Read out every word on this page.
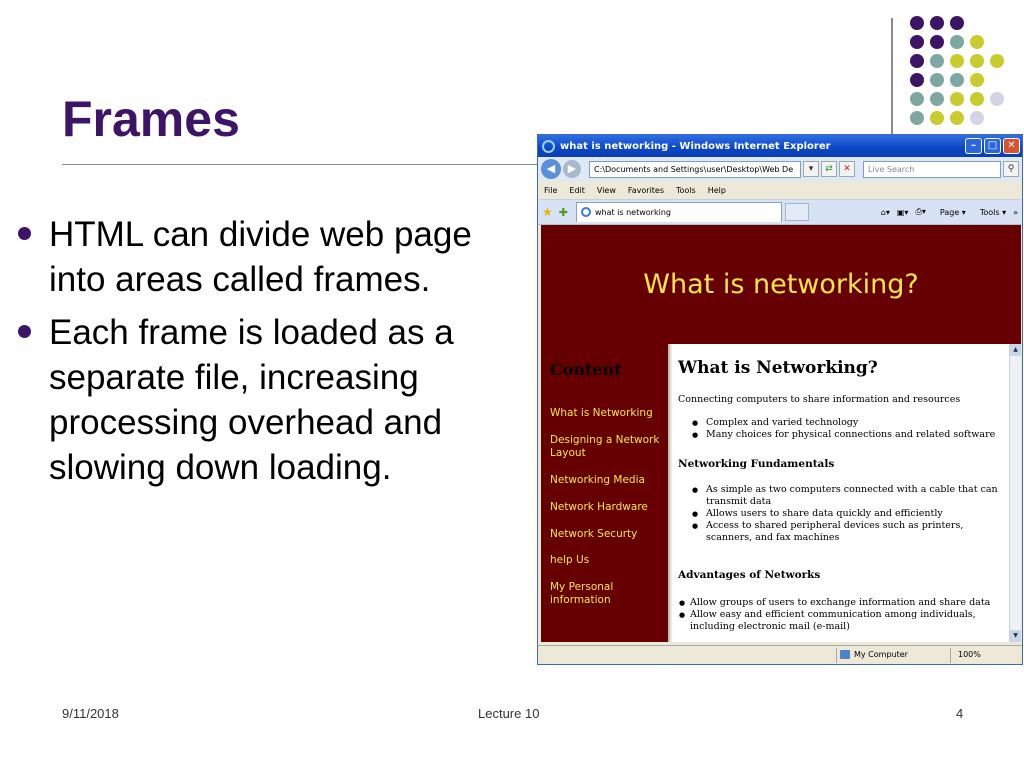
Frames
HTML can divide web page into areas called frames.
Each frame is loaded as a separate file, increasing processing overhead and slowing down loading.
9/11/2018	Lecture 10	4
what is networking - Windows Internet Explorer	–	□	✕
◀	▶	C:\Documents and Settings\user\Desktop\Web De	▾	⇄	✕	Live Search	⚲
File Edit View Favorites Tools Help
★ ✚	what is networking	⌂▾ ▣▾ ⎙▾	Page ▾	Tools ▾ »
What is networking?
Content
What is Networking
Designing a Network Layout
Networking Media
Network Hardware
Network Securty
help Us
My Personal information
What is Networking?
Connecting computers to share information and resources
● Complex and varied technology
● Many choices for physical connections and related software
Networking Fundamentals
● As simple as two computers connected with a cable that can transmit data
● Allows users to share data quickly and efficiently
● Access to shared peripheral devices such as printers, scanners, and fax machines
Advantages of Networks
● Allow groups of users to exchange information and share data
● Allow easy and efficient communication among individuals, including electronic mail (e-mail)
▲
▼
My Computer	100%
